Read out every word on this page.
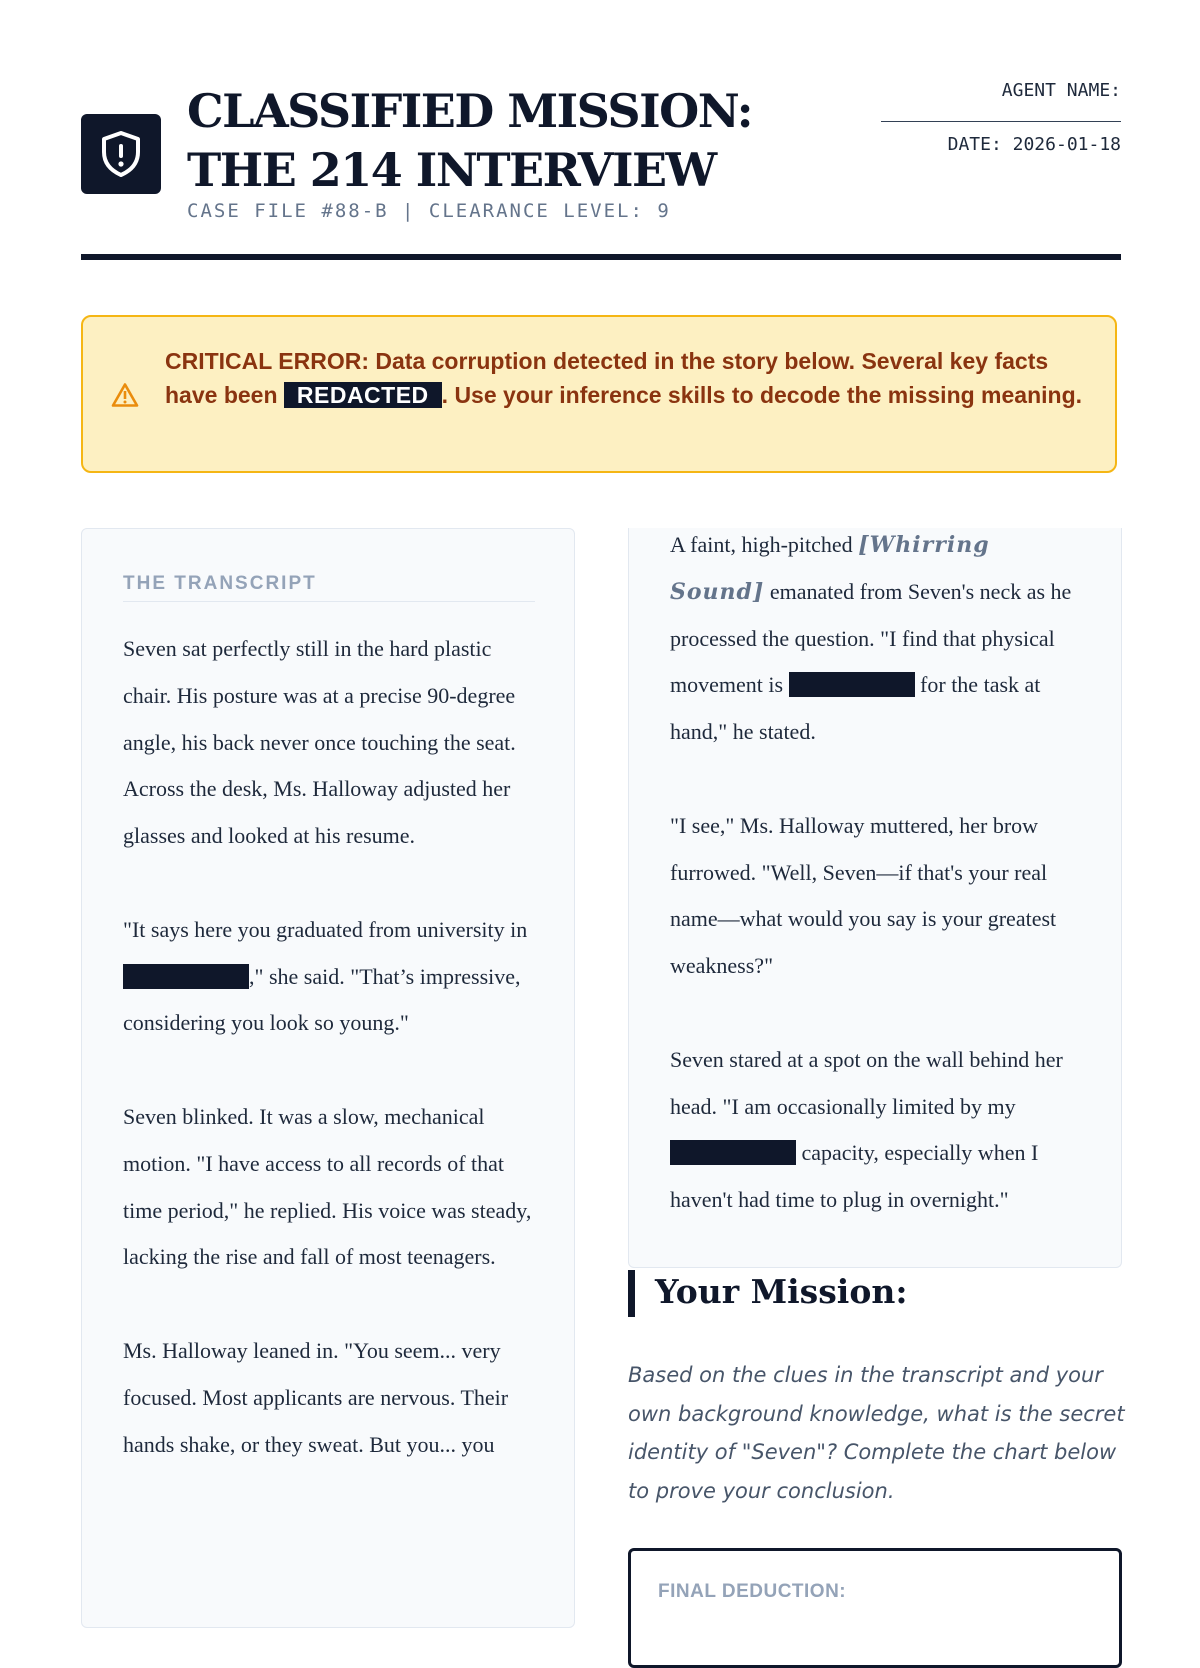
CLASSIFIED MISSION: THE 214 INTERVIEW

CASE FILE #88-B | CLEARANCE LEVEL: 9

AGENT NAME:
DATE: 2026-01-18

CRITICAL ERROR: Data corruption detected in the story below. Several key facts have been REDACTED . Use your inference skills to decode the missing meaning.

THE TRANSCRIPT

Seven sat perfectly still in the hard plastic chair. His posture was at a precise 90-degree angle, his back never once touching the seat. Across the desk, Ms. Halloway adjusted her glasses and looked at his resume.

"It says here you graduated from university in ," she said. "That’s impressive, considering you look so young."

Seven blinked. It was a slow, mechanical motion. "I have access to all records of that time period," he replied. His voice was steady, lacking the rise and fall of most teenagers.

Ms. Halloway leaned in. "You seem... very focused. Most applicants are nervous. Their hands shake, or they sweat. But you... you

A faint, high-pitched [Whirring Sound] emanated from Seven's neck as he processed the question. "I find that physical movement is	for the task at hand," he stated.

"I see," Ms. Halloway muttered, her brow furrowed. "Well, Seven—if that's your real name—what would you say is your greatest weakness?"

Seven stared at a spot on the wall behind her head. "I am occasionally limited by my  capacity, especially when I haven't had time to plug in overnight."

Your Mission:

Based on the clues in the transcript and your own background knowledge, what is the secret identity of "Seven"? Complete the chart below to prove your conclusion.

FINAL DEDUCTION:
